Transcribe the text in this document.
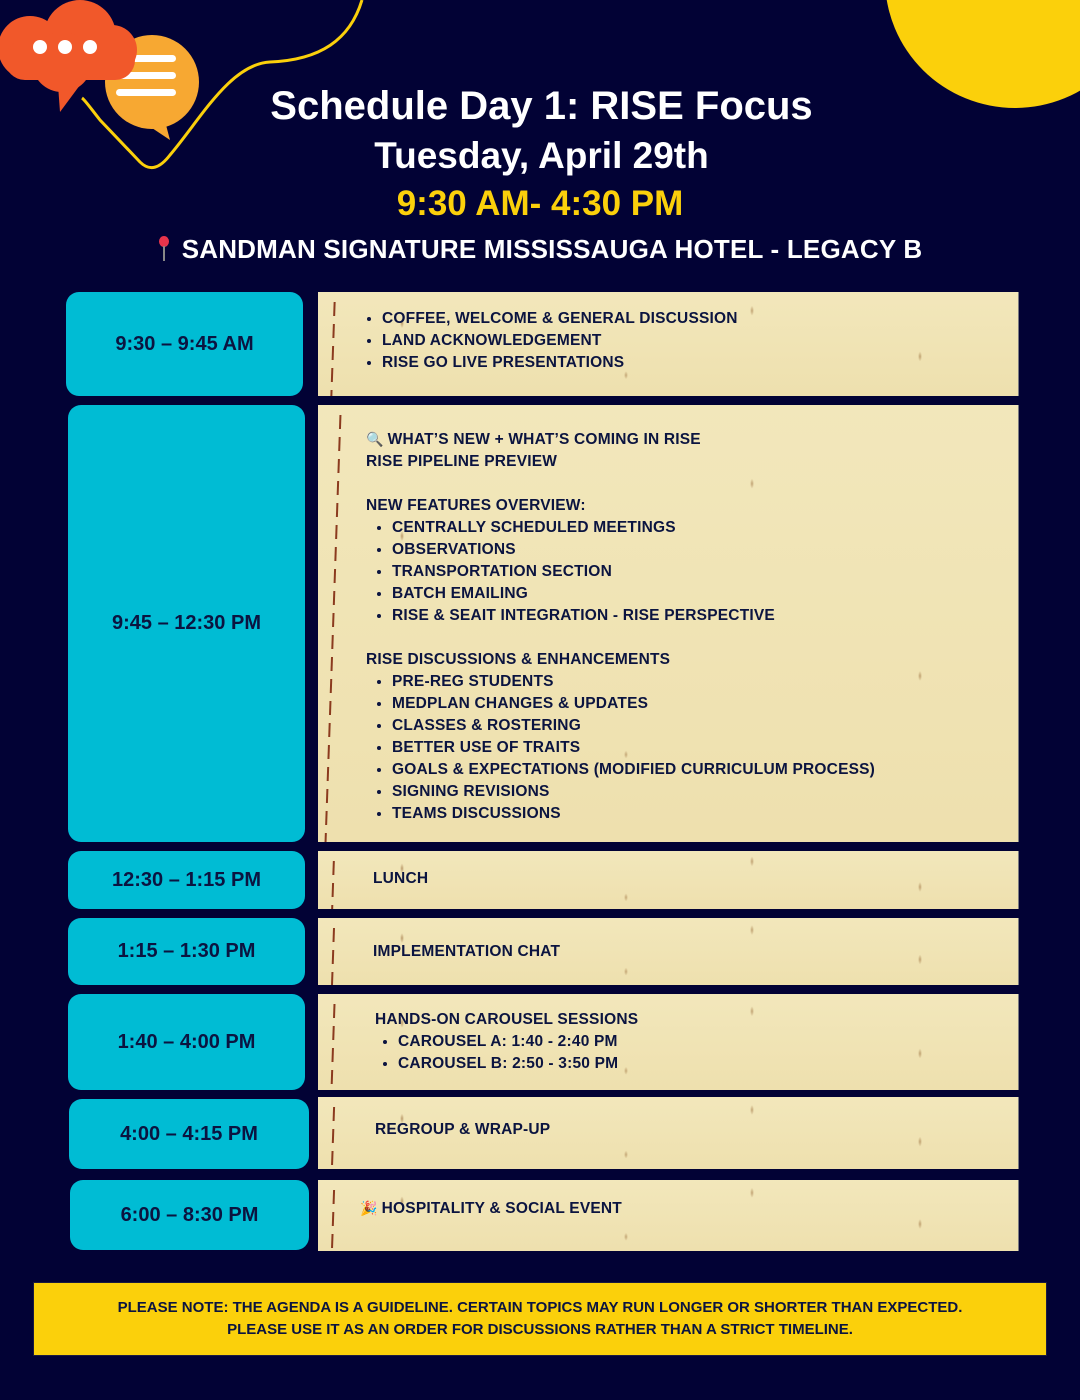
Schedule Day 1: RISE Focus
Tuesday, April 29th
9:30 AM- 4:30 PM
SANDMAN SIGNATURE MISSISSAUGA HOTEL - LEGACY B
9:30 – 9:45 AM
• COFFEE, WELCOME & GENERAL DISCUSSION
• LAND ACKNOWLEDGEMENT
• RISE GO LIVE PRESENTATIONS
9:45 – 12:30 PM
🔍 WHAT’S NEW + WHAT’S COMING IN RISE
RISE PIPELINE PREVIEW
NEW FEATURES OVERVIEW:
• CENTRALLY SCHEDULED MEETINGS
• OBSERVATIONS
• TRANSPORTATION SECTION
• BATCH EMAILING
• RISE & SEAIT INTEGRATION - RISE PERSPECTIVE
RISE DISCUSSIONS & ENHANCEMENTS
• PRE-REG STUDENTS
• MEDPLAN CHANGES & UPDATES
• CLASSES & ROSTERING
• BETTER USE OF TRAITS
• GOALS & EXPECTATIONS (MODIFIED CURRICULUM PROCESS)
• SIGNING REVISIONS
• TEAMS DISCUSSIONS
12:30 – 1:15 PM	LUNCH
1:15 – 1:30 PM	IMPLEMENTATION CHAT
1:40 – 4:00 PM
HANDS-ON CAROUSEL SESSIONS
• CAROUSEL A: 1:40 - 2:40 PM
• CAROUSEL B: 2:50 - 3:50 PM
4:00 – 4:15 PM	REGROUP & WRAP-UP
6:00 – 8:30 PM	🎉 HOSPITALITY & SOCIAL EVENT
PLEASE NOTE: THE AGENDA IS A GUIDELINE. CERTAIN TOPICS MAY RUN LONGER OR SHORTER THAN EXPECTED.
PLEASE USE IT AS AN ORDER FOR DISCUSSIONS RATHER THAN A STRICT TIMELINE.
